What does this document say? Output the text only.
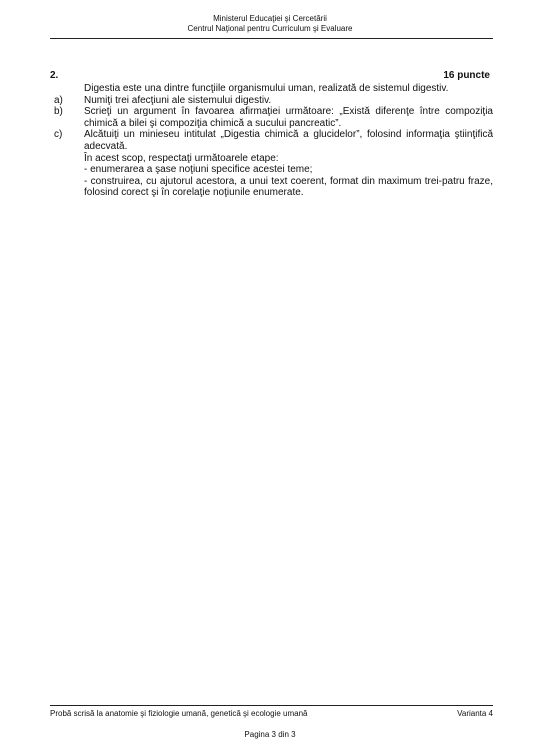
Ministerul Educaţiei şi Cercetării
Centrul Naţional pentru Curriculum şi Evaluare
2.	16 puncte
Digestia este una dintre funcţiile organismului uman, realizată de sistemul digestiv.
a) Numiţi trei afecţiuni ale sistemului digestiv.
b) Scrieţi un argument în favoarea afirmaţiei următoare: „Există diferenţe între compoziţia chimică a bilei şi compoziţia chimică a sucului pancreatic”.
c) Alcătuiţi un minieseu intitulat „Digestia chimică a glucidelor”, folosind informaţia ştiinţifică adecvată.
În acest scop, respectaţi următoarele etape:
- enumerarea a şase noţiuni specifice acestei teme;
- construirea, cu ajutorul acestora, a unui text coerent, format din maximum trei-patru fraze, folosind corect şi în corelaţie noţiunile enumerate.
Probă scrisă la anatomie şi fiziologie umană, genetică şi ecologie umană	Varianta 4
Pagina 3 din 3
